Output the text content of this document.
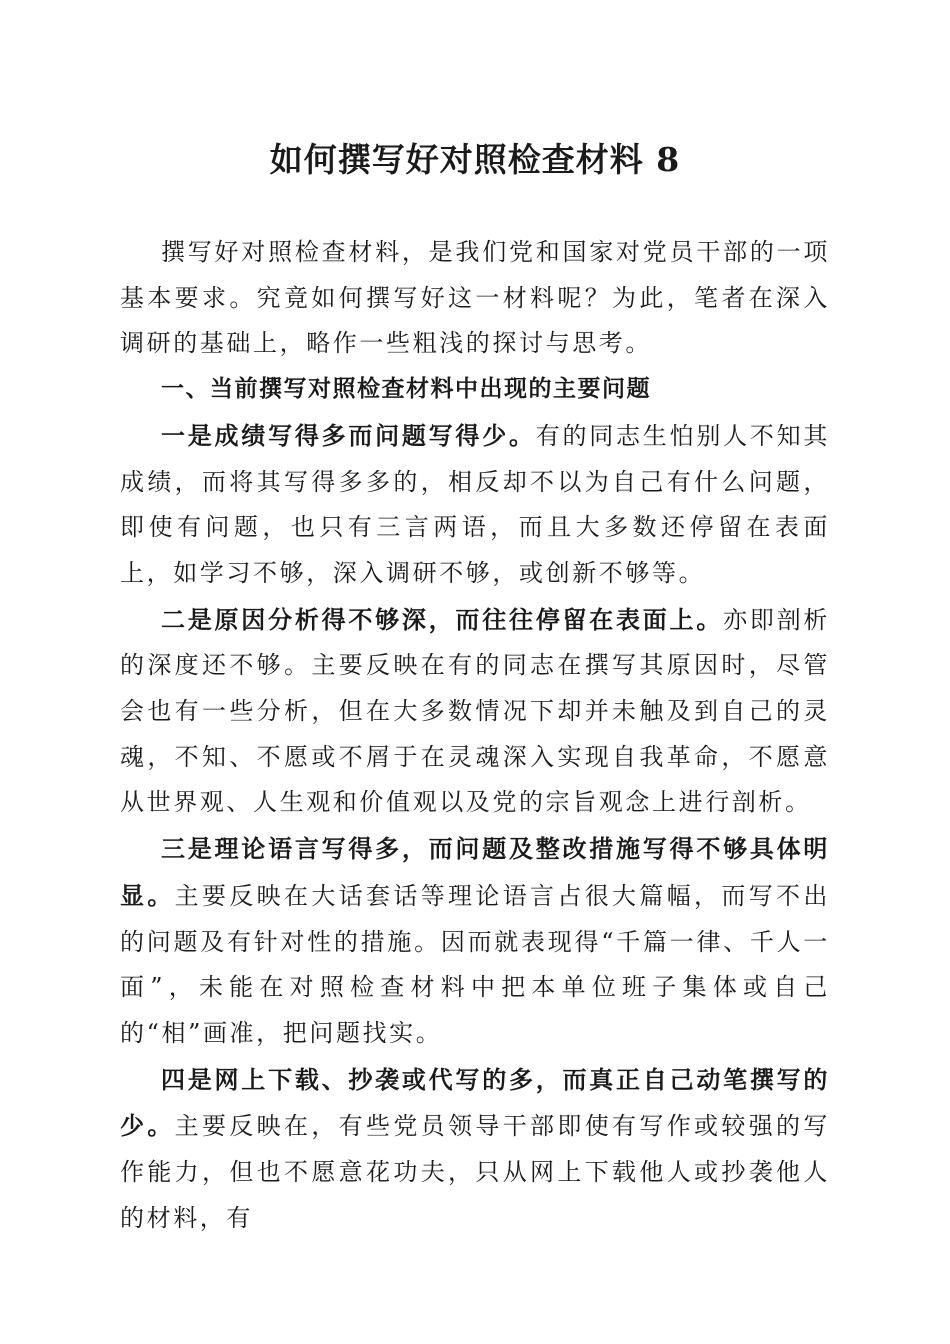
如何撰写好对照检查材料 8

撰写好对照检查材料，是我们党和国家对党员干部的一项基本要求。究竟如何撰写好这一材料呢？为此，笔者在深入调研的基础上，略作一些粗浅的探讨与思考。

一、当前撰写对照检查材料中出现的主要问题

一是成绩写得多而问题写得少。有的同志生怕别人不知其成绩，而将其写得多多的，相反却不以为自己有什么问题，即使有问题，也只有三言两语，而且大多数还停留在表面上，如学习不够，深入调研不够，或创新不够等。

二是原因分析得不够深，而往往停留在表面上。亦即剖析的深度还不够。主要反映在有的同志在撰写其原因时，尽管会也有一些分析，但在大多数情况下却并未触及到自己的灵魂，不知、不愿或不屑于在灵魂深入实现自我革命，不愿意从世界观、人生观和价值观以及党的宗旨观念上进行剖析。

三是理论语言写得多，而问题及整改措施写得不够具体明显。主要反映在大话套话等理论语言占很大篇幅，而写不出的问题及有针对性的措施。因而就表现得“千篇一律、千人一面”，未能在对照检查材料中把本单位班子集体或自己的“相”画准，把问题找实。

四是网上下载、抄袭或代写的多，而真正自己动笔撰写的少。主要反映在，有些党员领导干部即使有写作或较强的写作能力，但也不愿意花功夫，只从网上下载他人或抄袭他人的材料，有
